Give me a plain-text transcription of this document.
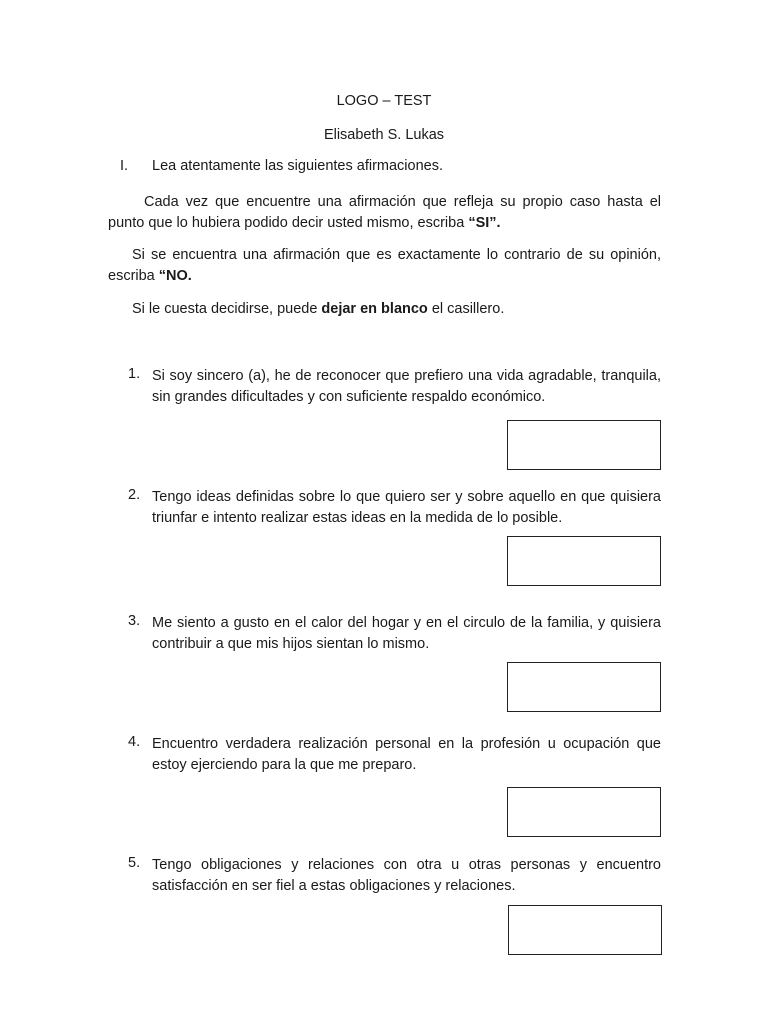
LOGO – TEST
Elisabeth S. Lukas
I. Lea atentamente las siguientes afirmaciones.
Cada vez que encuentre una afirmación que refleja su propio caso hasta el punto que lo hubiera podido decir usted mismo, escriba “SI”.
Si se encuentra una afirmación que es exactamente lo contrario de su opinión, escriba “NO.
Si le cuesta decidirse, puede dejar en blanco el casillero.
1. Si soy sincero (a), he de reconocer que prefiero una vida agradable, tranquila, sin grandes dificultades y con suficiente respaldo económico.
2. Tengo ideas definidas sobre lo que quiero ser y sobre aquello en que quisiera triunfar e intento realizar estas ideas en la medida de lo posible.
3. Me siento a gusto en el calor del hogar y en el circulo de la familia, y quisiera contribuir a que mis hijos sientan lo mismo.
4. Encuentro verdadera realización personal en la profesión u ocupación que estoy ejerciendo para la que me preparo.
5. Tengo obligaciones y relaciones con otra u otras personas y encuentro satisfacción en ser fiel a estas obligaciones y relaciones.
